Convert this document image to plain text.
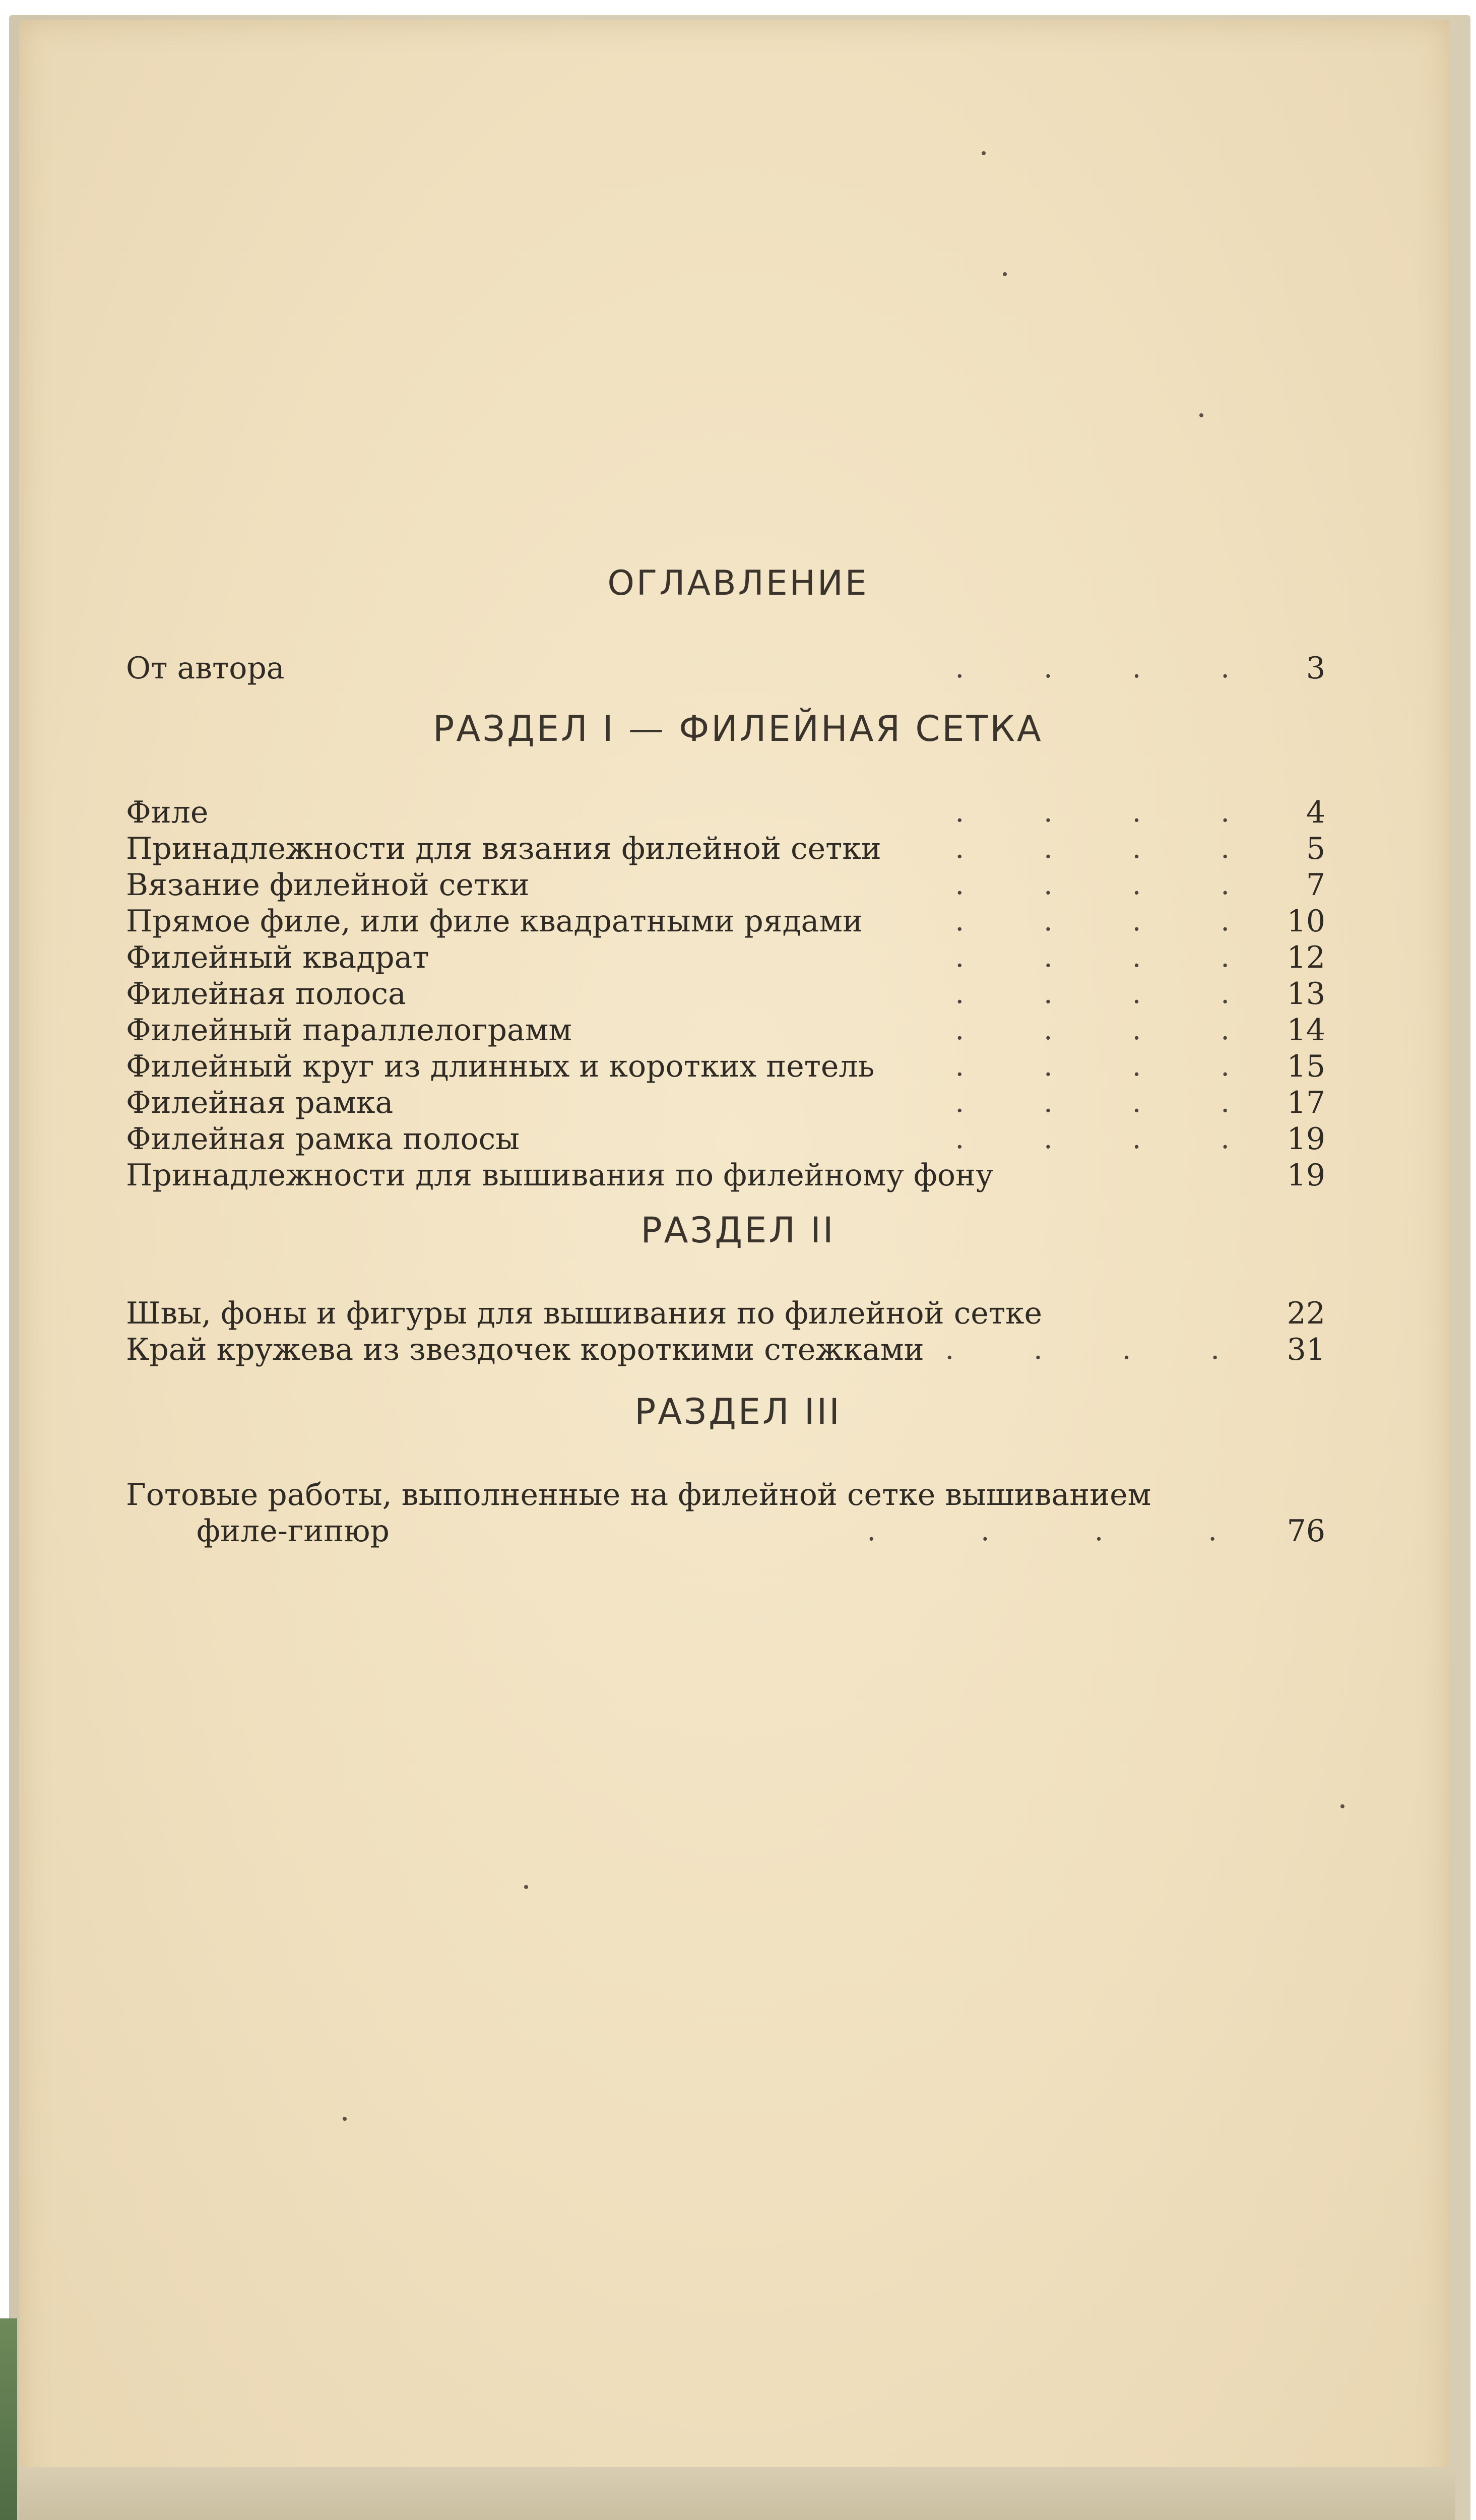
ОГЛАВЛЕНИЕ
От автора	. . . .	3
РАЗДЕЛ I — ФИЛЕЙНАЯ СЕТКА
Филе	. . . .	4
Принадлежности для вязания филейной сетки	. . . .	5
Вязание филейной сетки	. . . .	7
Прямое филе, или филе квадратными рядами	. . . . 10
Филейный квадрат	. . . . 12
Филейная полоса	. . . . 13
Филейный параллелограмм	. . . . 14
Филейный круг из длинных и коротких петель	. . . . 15
Филейная рамка	. . . . 17
Филейная рамка полосы	. . . . 19
Принадлежности для вышивания по филейному фону	19
РАЗДЕЛ II
Швы, фоны и фигуры для вышивания по филейной сетке	22
Край кружева из звездочек короткими стежками . . . .	31
РАЗДЕЛ III
Готовые работы, выполненные на филейной сетке вышиванием
филе-гипюр	. . . . 76
